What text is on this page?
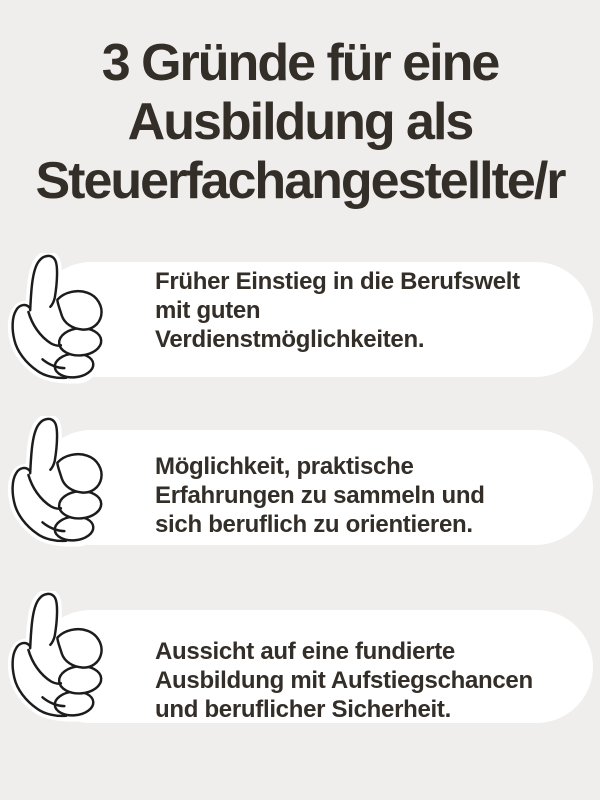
3 Gründe für eine
Ausbildung als
Steuerfachangestellte/r
Früher Einstieg in die Berufswelt
mit guten
Verdienstmöglichkeiten.
Möglichkeit, praktische
Erfahrungen zu sammeln und
sich beruflich zu orientieren.
Aussicht auf eine fundierte
Ausbildung mit Aufstiegschancen
und beruflicher Sicherheit.
